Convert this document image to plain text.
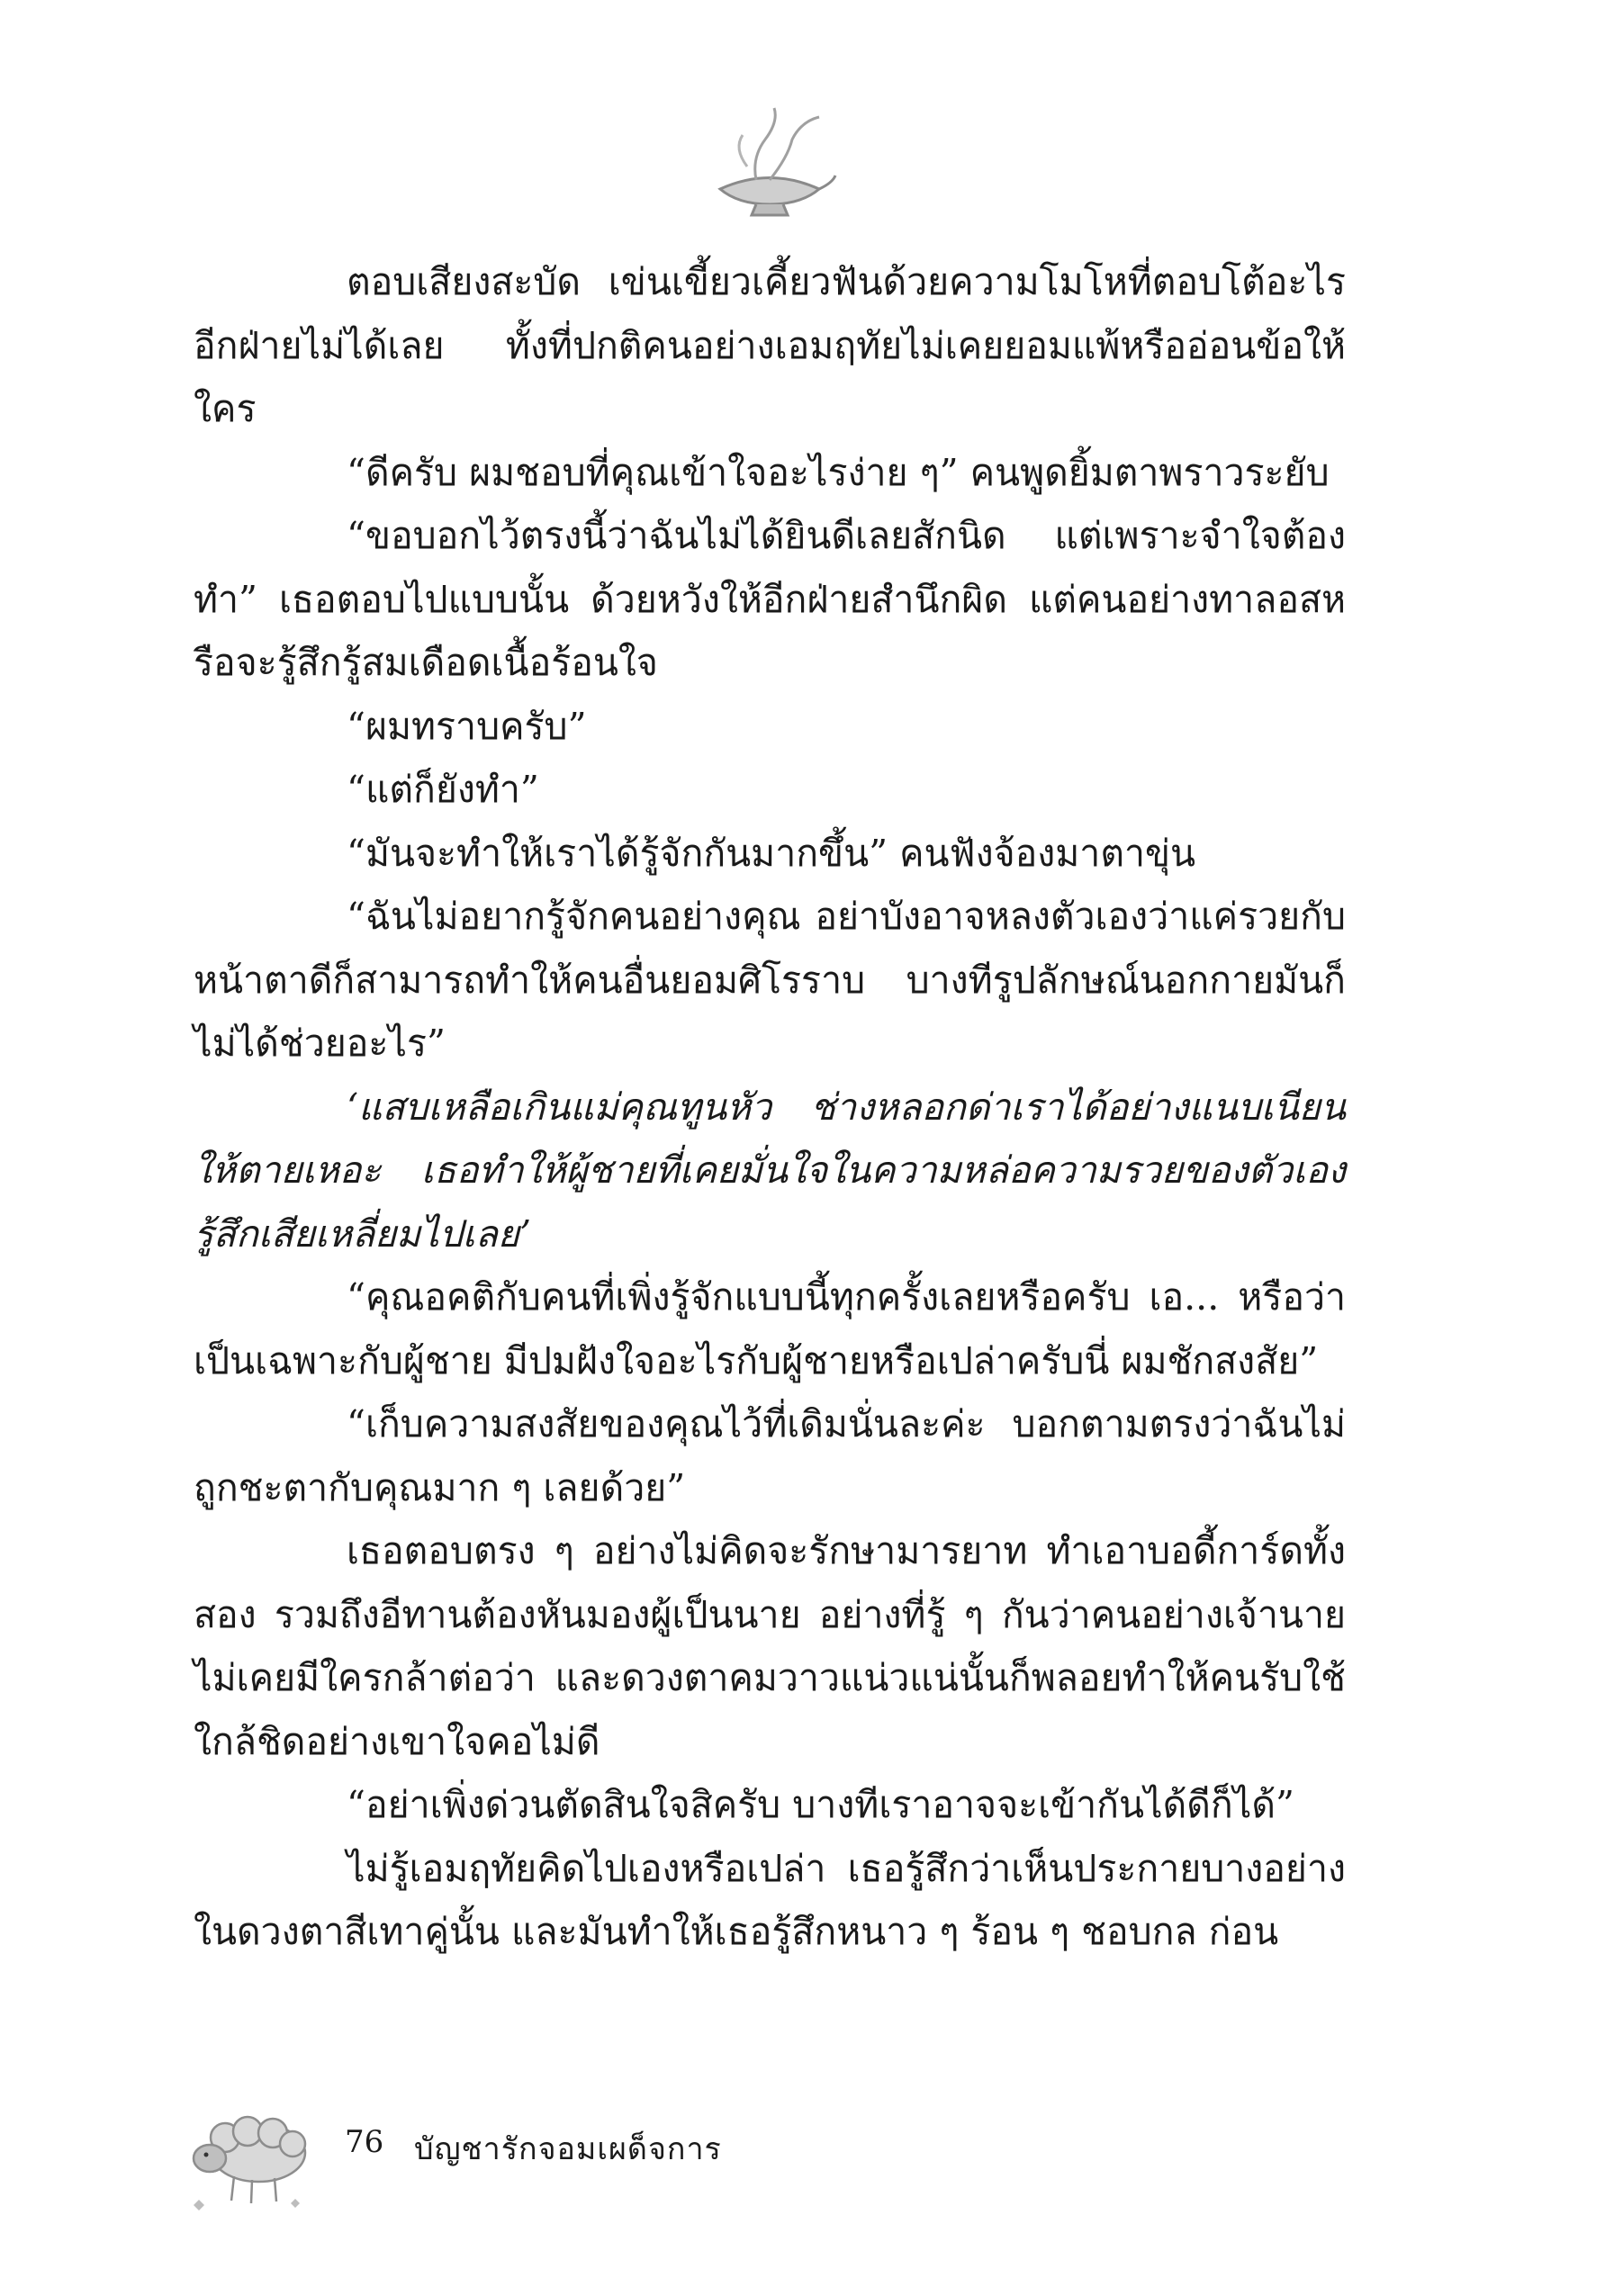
ตอบเสียงสะบัด เข่นเขี้ยวเคี้ยวฟันด้วยความโมโหที่ตอบโต้อะไรอีกฝ่ายไม่ได้เลย ทั้งที่ปกติคนอย่างเอมฤทัยไม่เคยยอมแพ้หรืออ่อนข้อให้ใคร

“ดีครับ ผมชอบที่คุณเข้าใจอะไรง่าย ๆ” คนพูดยิ้มตาพราวระยับ

“ขอบอกไว้ตรงนี้ว่าฉันไม่ได้ยินดีเลยสักนิด แต่เพราะจำใจต้องทำ” เธอตอบไปแบบนั้น ด้วยหวังให้อีกฝ่ายสำนึกผิด แต่คนอย่างทาลอสหรือจะรู้สึกรู้สมเดือดเนื้อร้อนใจ

“ผมทราบครับ”

“แต่ก็ยังทำ”

“มันจะทำให้เราได้รู้จักกันมากขึ้น” คนฟังจ้องมาตาขุ่น

“ฉันไม่อยากรู้จักคนอย่างคุณ อย่าบังอาจหลงตัวเองว่าแค่รวยกับหน้าตาดีก็สามารถทำให้คนอื่นยอมศิโรราบ บางทีรูปลักษณ์นอกกายมันก็ไม่ได้ช่วยอะไร”

‘แสบเหลือเกินแม่คุณทูนหัว ช่างหลอกด่าเราได้อย่างแนบเนียนให้ตายเหอะ เธอทำให้ผู้ชายที่เคยมั่นใจในความหล่อความรวยของตัวเองรู้สึกเสียเหลี่ยมไปเลย’

“คุณอคติกับคนที่เพิ่งรู้จักแบบนี้ทุกครั้งเลยหรือครับ เอ... หรือว่าเป็นเฉพาะกับผู้ชาย มีปมฝังใจอะไรกับผู้ชายหรือเปล่าครับนี่ ผมชักสงสัย”

“เก็บความสงสัยของคุณไว้ที่เดิมนั่นละค่ะ บอกตามตรงว่าฉันไม่ถูกชะตากับคุณมาก ๆ เลยด้วย”

เธอตอบตรง ๆ อย่างไม่คิดจะรักษามารยาท ทำเอาบอดี้การ์ดทั้งสอง รวมถึงอีทานต้องหันมองผู้เป็นนาย อย่างที่รู้ ๆ กันว่าคนอย่างเจ้านายไม่เคยมีใครกล้าต่อว่า และดวงตาคมวาวแน่วแน่นั้นก็พลอยทำให้คนรับใช้ใกล้ชิดอย่างเขาใจคอไม่ดี

“อย่าเพิ่งด่วนตัดสินใจสิครับ บางทีเราอาจจะเข้ากันได้ดีก็ได้”

ไม่รู้เอมฤทัยคิดไปเองหรือเปล่า เธอรู้สึกว่าเห็นประกายบางอย่างในดวงตาสีเทาคู่นั้น และมันทำให้เธอรู้สึกหนาว ๆ ร้อน ๆ ชอบกล ก่อน

76 บัญชารักจอมเผด็จการ
